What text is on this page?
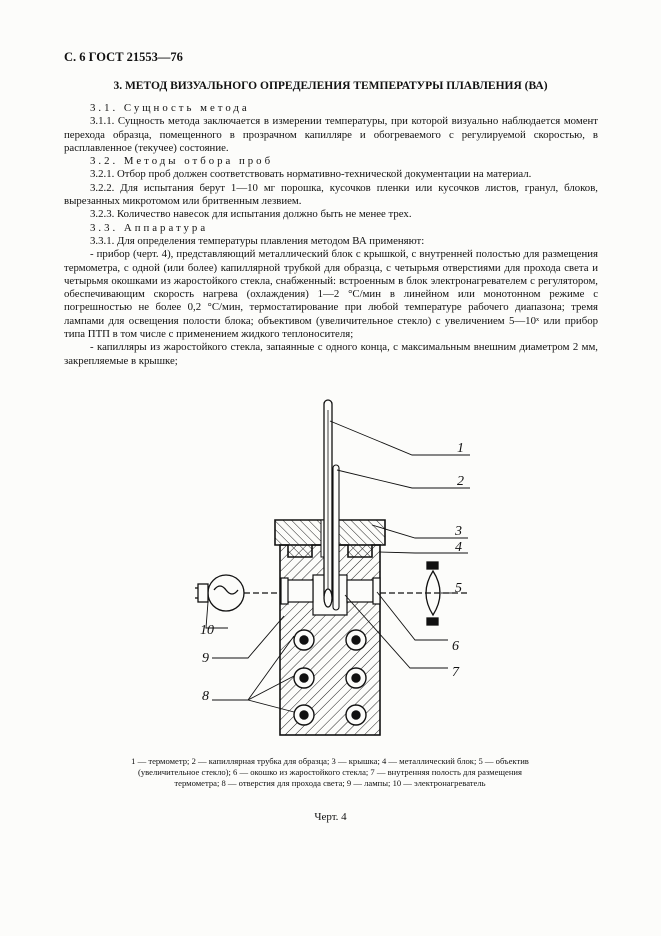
С. 6 ГОСТ 21553—76
3. МЕТОД ВИЗУАЛЬНОГО ОПРЕДЕЛЕНИЯ ТЕМПЕРАТУРЫ ПЛАВЛЕНИЯ (ВА)

3.1. Сущность метода

3.1.1. Сущность метода заключается в измерении температуры, при которой визуально наблюдается момент перехода образца, помещенного в прозрачном капилляре и обогреваемого с регулируемой скоростью, в расплавленное (текучее) состояние.

3.2. Методы отбора проб

3.2.1. Отбор проб должен соответствовать нормативно-технической документации на материал.

3.2.2. Для испытания берут 1—10 мг порошка, кусочков пленки или кусочков листов, гранул, блоков, вырезанных микротомом или бритвенным лезвием.

3.2.3. Количество навесок для испытания должно быть не менее трех.

3.3. Аппаратура

3.3.1. Для определения температуры плавления методом ВА применяют:

- прибор (черт. 4), представляющий металлический блок с крышкой, с внутренней полостью для размещения термометра, с одной (или более) капиллярной трубкой для образца, с четырьмя отверстиями для прохода света и четырьмя окошками из жаростойкого стекла, снабженный: встроенным в блок электронагревателем с регулятором, обеспечивающим скорость нагрева (охлаждения) 1—2 °С/мин в линейном или монотонном режиме с погрешностью не более 0,2 °С/мин, термостатирование при любой температуре рабочего диапазона; тремя лампами для освещения полости блока; объективом (увеличительное стекло) с увеличением 5—10ˣ или прибор типа ПТП в том числе с применением жидкого теплоносителя;

- капилляры из жаростойкого стекла, запаянные с одного конца, с максимальным внешним диаметром 2 мм, закрепляемые в крышке;

1
2
3
4
5
6
7
8
9
10
1 — термометр; 2 — капиллярная трубка для образца; 3 — крышка; 4 — металлический блок; 5 — объектив (увеличительное стекло); 6 — окошко из жаростойкого стекла; 7 — внутренняя полость для размещения термометра; 8 — отверстия для прохода света; 9 — лампы; 10 — электронагреватель
Черт. 4
